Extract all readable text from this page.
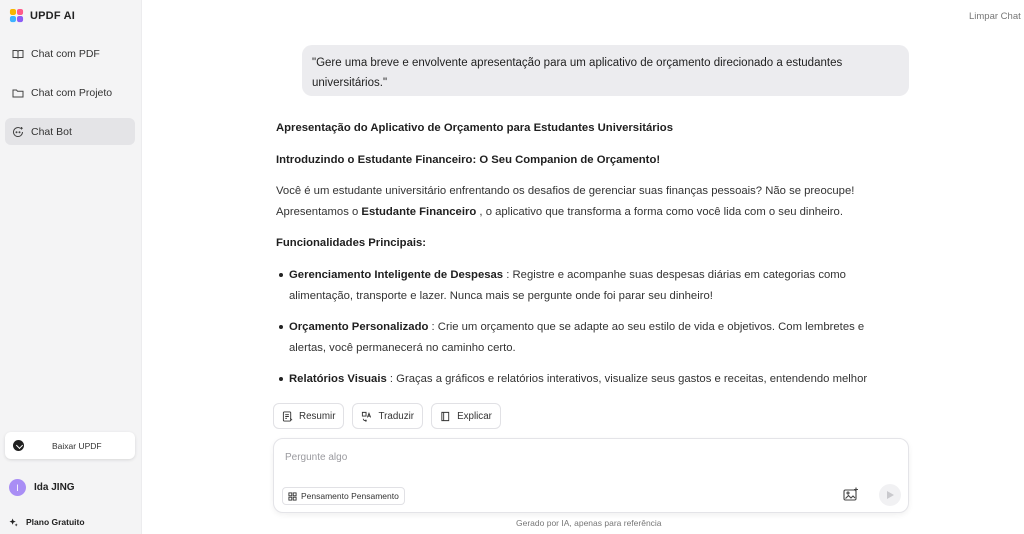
UPDF AI
Chat com PDF
Chat com Projeto
Chat Bot
Baixar UPDF
I	Ida JING
Plano Gratuito
Limpar Chat
"Gere uma breve e envolvente apresentação para um aplicativo de orçamento direcionado a estudantes universitários."

Apresentação do Aplicativo de Orçamento para Estudantes Universitários

Introduzindo o Estudante Financeiro: O Seu Companion de Orçamento!

Você é um estudante universitário enfrentando os desafios de gerenciar suas finanças pessoais? Não se preocupe! Apresentamos o Estudante Financeiro , o aplicativo que transforma a forma como você lida com o seu dinheiro.

Funcionalidades Principais:

Gerenciamento Inteligente de Despesas : Registre e acompanhe suas despesas diárias em categorias como alimentação, transporte e lazer. Nunca mais se pergunte onde foi parar seu dinheiro!

Orçamento Personalizado : Crie um orçamento que se adapte ao seu estilo de vida e objetivos. Com lembretes e alertas, você permanecerá no caminho certo.

Relatórios Visuais : Graças a gráficos e relatórios interativos, visualize seus gastos e receitas, entendendo melhor

Resumir	Traduzir	Explicar
Pergunte algo
Pensamento Pensamento
Gerado por IA, apenas para referência
